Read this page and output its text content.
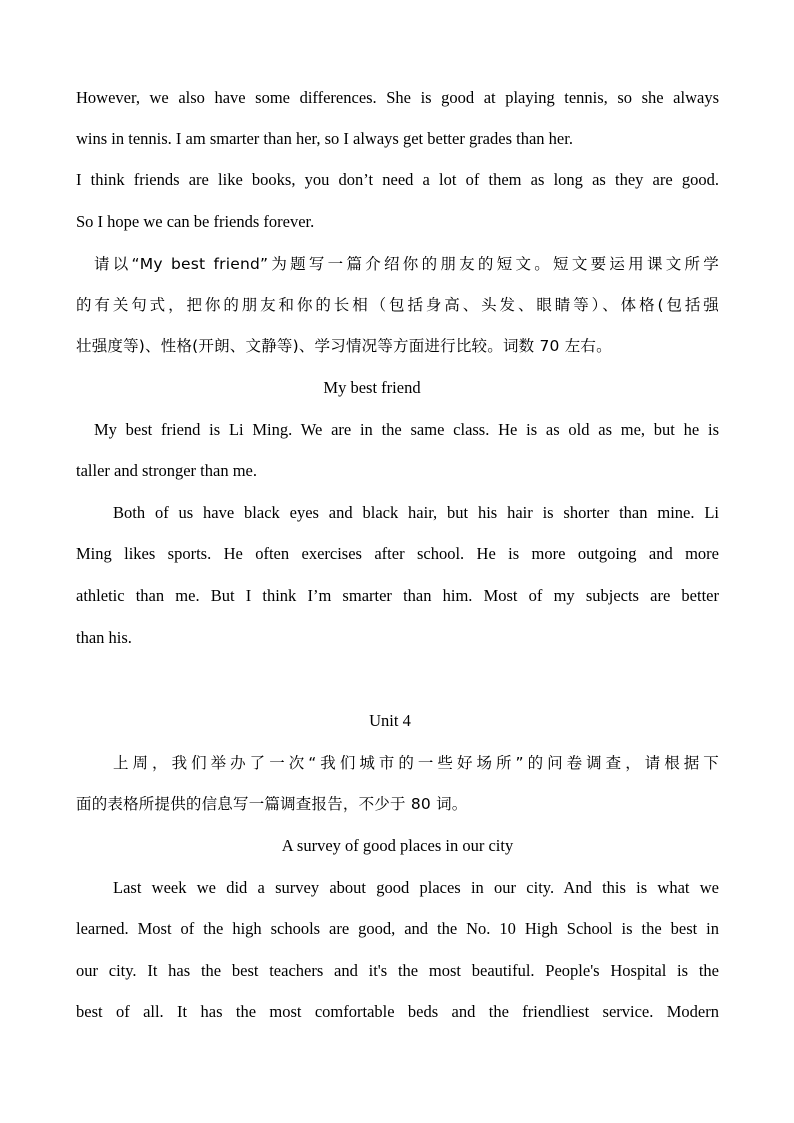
However, we also have some differences. She is good at playing tennis, so she always
wins in tennis. I am smarter than her, so I always get better grades than her.
I think friends are like books, you don’t need a lot of them as long as they are good.
So I hope we can be friends forever.
请以“My best friend”为题写一篇介绍你的朋友的短文。短文要运用课文所学
的有关句式，把你的朋友和你的长相（包括身高、头发、眼睛等）、体格(包括强
壮强度等)、性格(开朗、文静等)、学习情况等方面进行比较。词数 70 左右。
My best friend
My best friend is Li Ming. We are in the same class. He is as old as me, but he is
taller and stronger than me.
Both of us have black eyes and black hair, but his hair is shorter than mine. Li
Ming likes sports. He often exercises after school. He is more outgoing and more
athletic than me. But I think I’m smarter than him. Most of my subjects are better
than his.
Unit 4
上周，我们举办了一次“我们城市的一些好场所”的问卷调查，请根据下
面的表格所提供的信息写一篇调查报告，不少于 80 词。
A survey of good places in our city
Last week we did a survey about good places in our city. And this is what we
learned. Most of the high schools are good, and the No. 10 High School is the best in
our city. It has the best teachers and it's the most beautiful. People's Hospital is the
best of all. It has the most comfortable beds and the friendliest service. Modern
